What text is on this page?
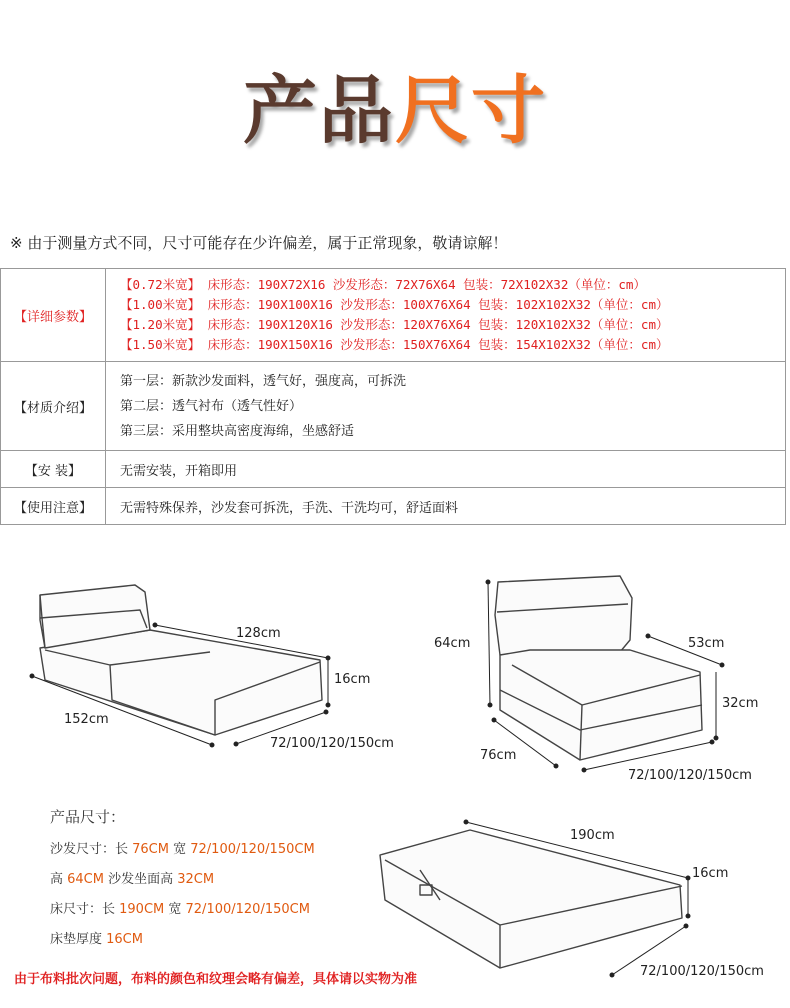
产品尺寸
※ 由于测量方式不同，尺寸可能存在少许偏差，属于正常现象，敬请谅解！
【详细参数】	【0.72米宽】 床形态：190X72X16 沙发形态：72X76X64 包装：72X102X32（单位：cm）
【1.00米宽】 床形态：190X100X16 沙发形态：100X76X64 包装：102X102X32（单位：cm）
【1.20米宽】 床形态：190X120X16 沙发形态：120X76X64 包装：120X102X32（单位：cm）
【1.50米宽】 床形态：190X150X16 沙发形态：150X76X64 包装：154X102X32（单位：cm）

【材质介绍】	第一层：新款沙发面料，透气好，强度高，可拆洗
第二层：透气衬布（透气性好）
第三层：采用整块高密度海绵，坐感舒适

【安 装】	无需安装，开箱即用
【使用注意】	无需特殊保养，沙发套可拆洗，手洗、干洗均可，舒适面料
128cm
16cm
152cm
72/100/120/150cm
64cm	53cm
32cm
76cm
72/100/120/150cm
190cm
16cm
72/100/120/150cm
产品尺寸：
沙发尺寸：长 76CM 宽 72/100/120/150CM
高 64CM 沙发坐面高 32CM
床尺寸：长 190CM 宽 72/100/120/150CM
床垫厚度 16CM
由于布料批次问题，布料的颜色和纹理会略有偏差，具体请以实物为准
